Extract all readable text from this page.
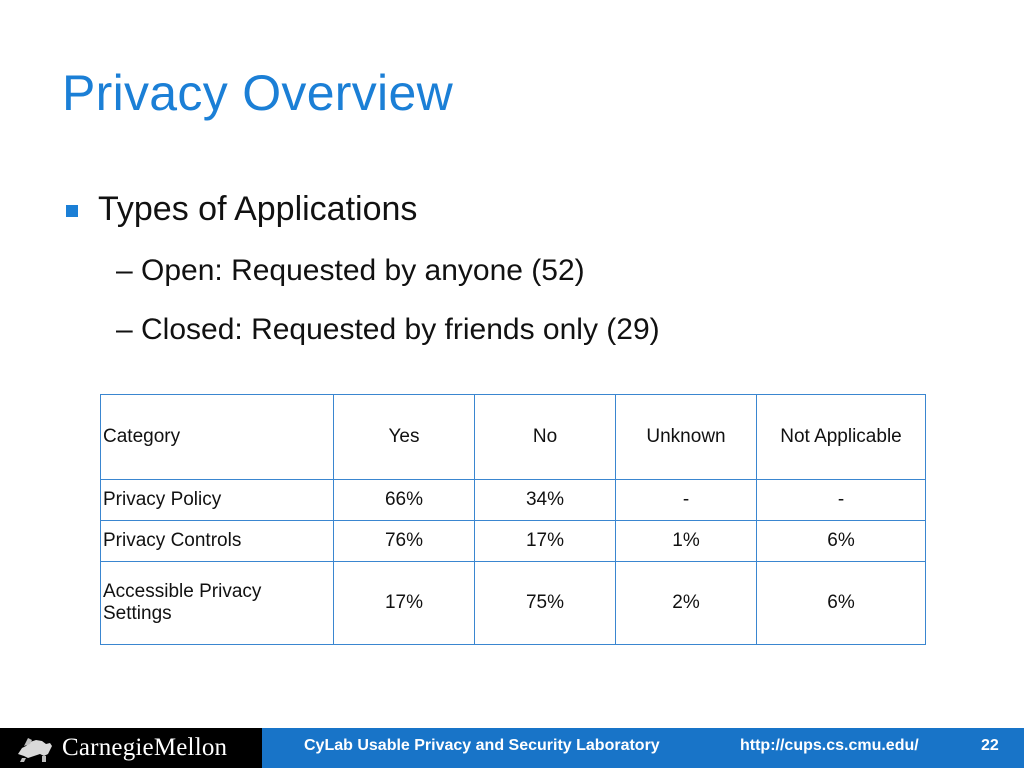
Privacy Overview
Types of Applications
– Open: Requested by anyone (52)
– Closed: Requested by friends only (29)
Category	Yes	No	Unknown	Not Applicable
Privacy Policy	66%	34%	-	-
Privacy Controls	76%	17%	1%	6%
Accessible Privacy Settings	17%	75%	2%	6%
CarnegieMellon	CyLab Usable Privacy and Security Laboratory	http://cups.cs.cmu.edu/	22
